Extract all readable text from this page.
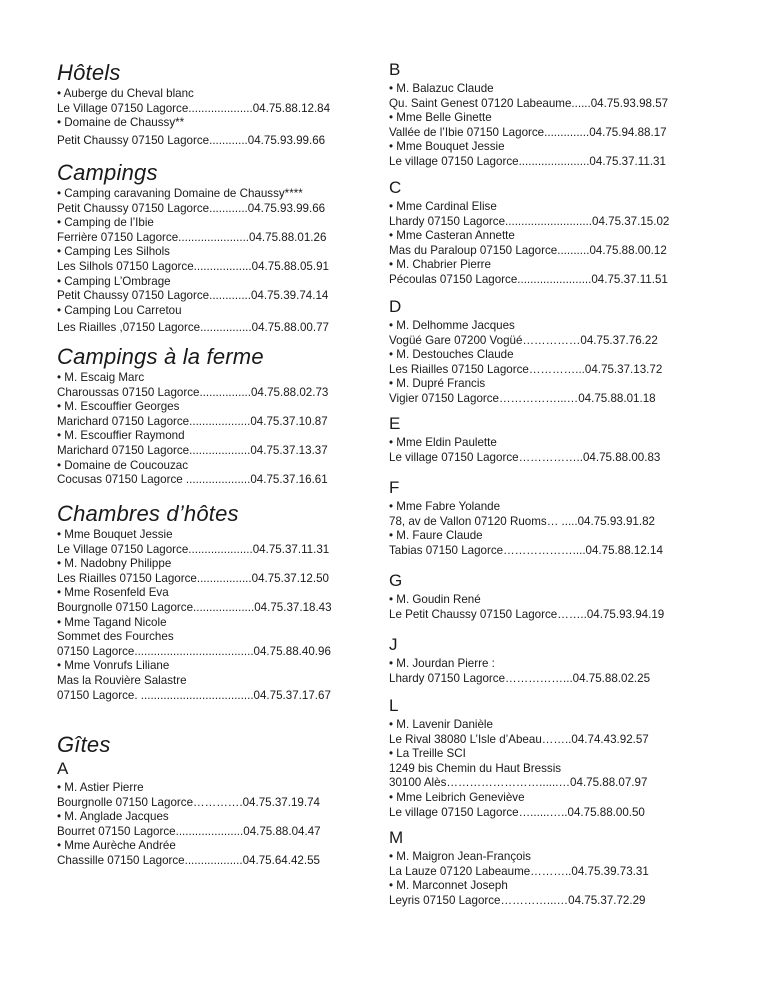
Hôtels
• Auberge du Cheval blanc
Le Village 07150 Lagorce....................04.75.88.12.84
• Domaine de Chaussy**
Petit Chaussy 07150 Lagorce............04.75.93.99.66
Campings
• Camping caravaning Domaine de Chaussy****
Petit Chaussy 07150 Lagorce............04.75.93.99.66
• Camping de l’Ibie
Ferrière 07150 Lagorce......................04.75.88.01.26
• Camping Les Silhols
Les Silhols 07150 Lagorce..................04.75.88.05.91
• Camping L’Ombrage
Petit Chaussy 07150 Lagorce.............04.75.39.74.14
• Camping Lou Carretou
Les Riailles ,07150 Lagorce................04.75.88.00.77
Campings à la ferme
• M. Escaig Marc
Charoussas 07150 Lagorce................04.75.88.02.73
• M. Escouffier Georges
Marichard 07150 Lagorce...................04.75.37.10.87
• M. Escouffier Raymond
Marichard 07150 Lagorce...................04.75.37.13.37
• Domaine de Coucouzac
Cocusas 07150 Lagorce ....................04.75.37.16.61
Chambres d’hôtes
• Mme Bouquet Jessie
Le Village 07150 Lagorce....................04.75.37.11.31
• M. Nadobny Philippe
Les Riailles 07150 Lagorce.................04.75.37.12.50
• Mme Rosenfeld Eva
Bourgnolle 07150 Lagorce...................04.75.37.18.43
• Mme Tagand Nicole
Sommet des Fourches
07150 Lagorce.....................................04.75.88.40.96
• Mme Vonrufs Liliane
Mas la Rouvière Salastre
07150 Lagorce. ...................................04.75.37.17.67
Gîtes
A
• M. Astier Pierre
Bourgnolle 07150 Lagorce………….04.75.37.19.74
• M. Anglade Jacques
Bourret 07150 Lagorce.....................04.75.88.04.47
• Mme Aurèche Andrée
Chassille 07150 Lagorce..................04.75.64.42.55
B
• M. Balazuc Claude
Qu. Saint Genest 07120 Labeaume......04.75.93.98.57
• Mme Belle Ginette
Vallée de l’Ibie 07150 Lagorce..............04.75.94.88.17
• Mme Bouquet Jessie
Le village 07150 Lagorce......................04.75.37.11.31
C
• Mme Cardinal Elise
Lhardy 07150 Lagorce...........................04.75.37.15.02
• Mme Casteran Annette
Mas du Paraloup 07150 Lagorce..........04.75.88.00.12
• M. Chabrier Pierre
Pécoulas 07150 Lagorce.......................04.75.37.11.51
D
• M. Delhomme Jacques
Vogüé Gare 07200 Vogüé……………04.75.37.76.22
• M. Destouches Claude
Les Riailles 07150 Lagorce…………...04.75.37.13.72
• M. Dupré Francis
Vigier 07150 Lagorce……………...…04.75.88.01.18
E
• Mme Eldin Paulette
Le village 07150 Lagorce……………..04.75.88.00.83
F
• Mme Fabre Yolande
78, av de Vallon 07120 Ruoms… .....04.75.93.91.82
• M. Faure Claude
Tabias 07150 Lagorce………………....04.75.88.12.14
G
• M. Goudin René
Le Petit Chaussy 07150 Lagorce……..04.75.93.94.19
J
• M. Jourdan Pierre :
Lhardy 07150 Lagorce……………...04.75.88.02.25
L
• M. Lavenir Danièle
Le Rival 38080 L’Isle d’Abeau……..04.74.43.92.57
• La Treille SCI
1249 bis Chemin du Haut Bressis
30100 Alès……………………......…04.75.88.07.97
• Mme Leibrich Geneviève
Le village 07150 Lagorce…......…..04.75.88.00.50
M
• M. Maigron Jean-François
La Lauze 07120 Labeaume………..04.75.39.73.31
• M. Marconnet Joseph
Leyris 07150 Lagorce…………...…04.75.37.72.29
